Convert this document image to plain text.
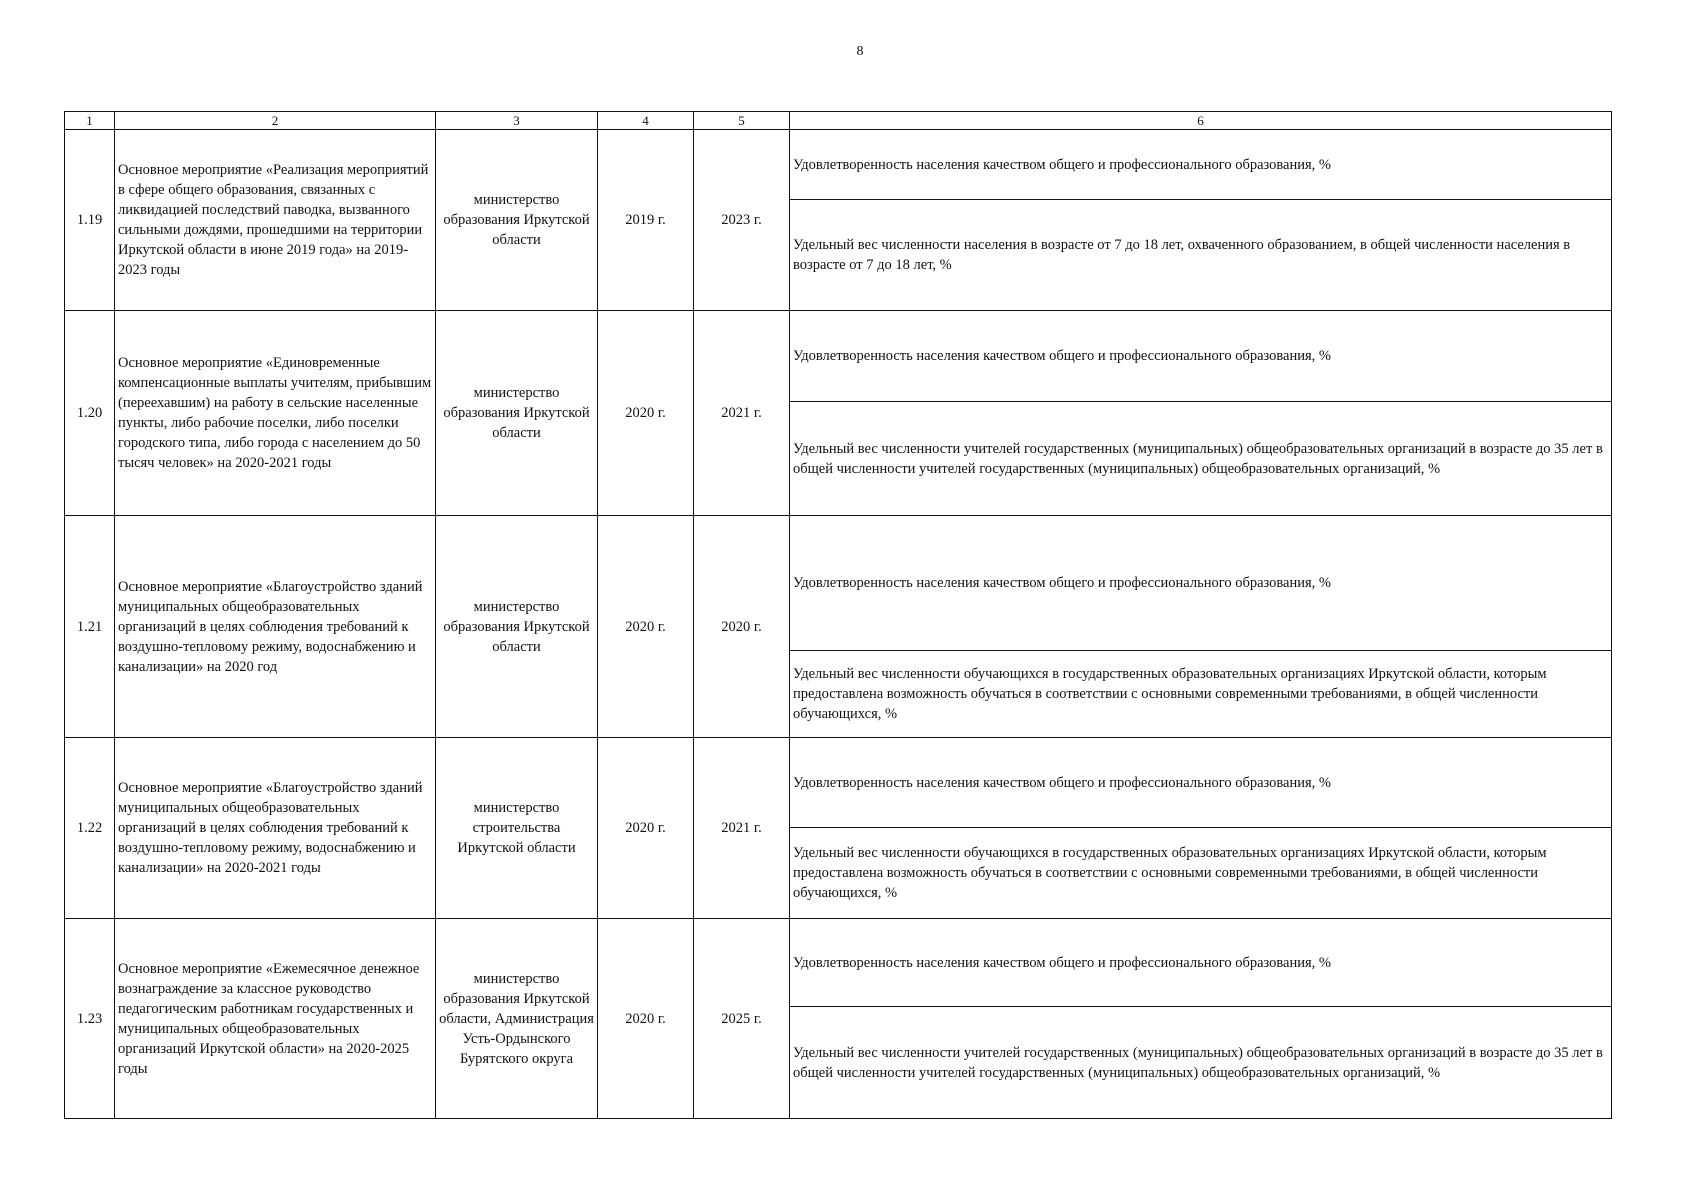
8
1	2	3	4	5	6
1.19	Основное мероприятие «Реализация мероприятий в сфере общего образования, связанных с ликвидацией последствий паводка, вызванного сильными дождями, прошедшими на территории Иркутской области в июне 2019 года» на 2019-2023 годы	министерство образования Иркутской области	2019 г.	2023 г.	Удовлетворенность населения качеством общего и профессионального образования, %
					Удельный вес численности населения в возрасте от 7 до 18 лет, охваченного образованием, в общей численности населения в возрасте от 7 до 18 лет, %
1.20	Основное мероприятие «Единовременные компенсационные выплаты учителям, прибывшим (переехавшим) на работу в сельские населенные пункты, либо рабочие поселки, либо поселки городского типа, либо города с населением до 50 тысяч человек» на 2020-2021 годы	министерство образования Иркутской области	2020 г.	2021 г.	Удовлетворенность населения качеством общего и профессионального образования, %
					Удельный вес численности учителей государственных (муниципальных) общеобразовательных организаций в возрасте до 35 лет в общей численности учителей государственных (муниципальных) общеобразовательных организаций, %
1.21	Основное мероприятие «Благоустройство зданий муниципальных общеобразовательных организаций в целях соблюдения требований к воздушно-тепловому режиму, водоснабжению и канализации» на 2020 год	министерство образования Иркутской области	2020 г.	2020 г.	Удовлетворенность населения качеством общего и профессионального образования, %
					Удельный вес численности обучающихся в государственных образовательных организациях Иркутской области, которым предоставлена возможность обучаться в соответствии с основными современными требованиями, в общей численности обучающихся, %
1.22	Основное мероприятие «Благоустройство зданий муниципальных общеобразовательных организаций в целях соблюдения требований к воздушно-тепловому режиму, водоснабжению и канализации» на 2020-2021 годы	министерство строительства Иркутской области	2020 г.	2021 г.	Удовлетворенность населения качеством общего и профессионального образования, %
					Удельный вес численности обучающихся в государственных образовательных организациях Иркутской области, которым предоставлена возможность обучаться в соответствии с основными современными требованиями, в общей численности обучающихся, %
1.23	Основное мероприятие «Ежемесячное денежное вознаграждение за классное руководство педагогическим работникам государственных и муниципальных общеобразовательных организаций Иркутской области» на 2020-2025 годы	министерство образования Иркутской области, Администрация Усть-Ордынского Бурятского округа	2020 г.	2025 г.	Удовлетворенность населения качеством общего и профессионального образования, %
					Удельный вес численности учителей государственных (муниципальных) общеобразовательных организаций в возрасте до 35 лет в общей численности учителей государственных (муниципальных) общеобразовательных организаций, %
